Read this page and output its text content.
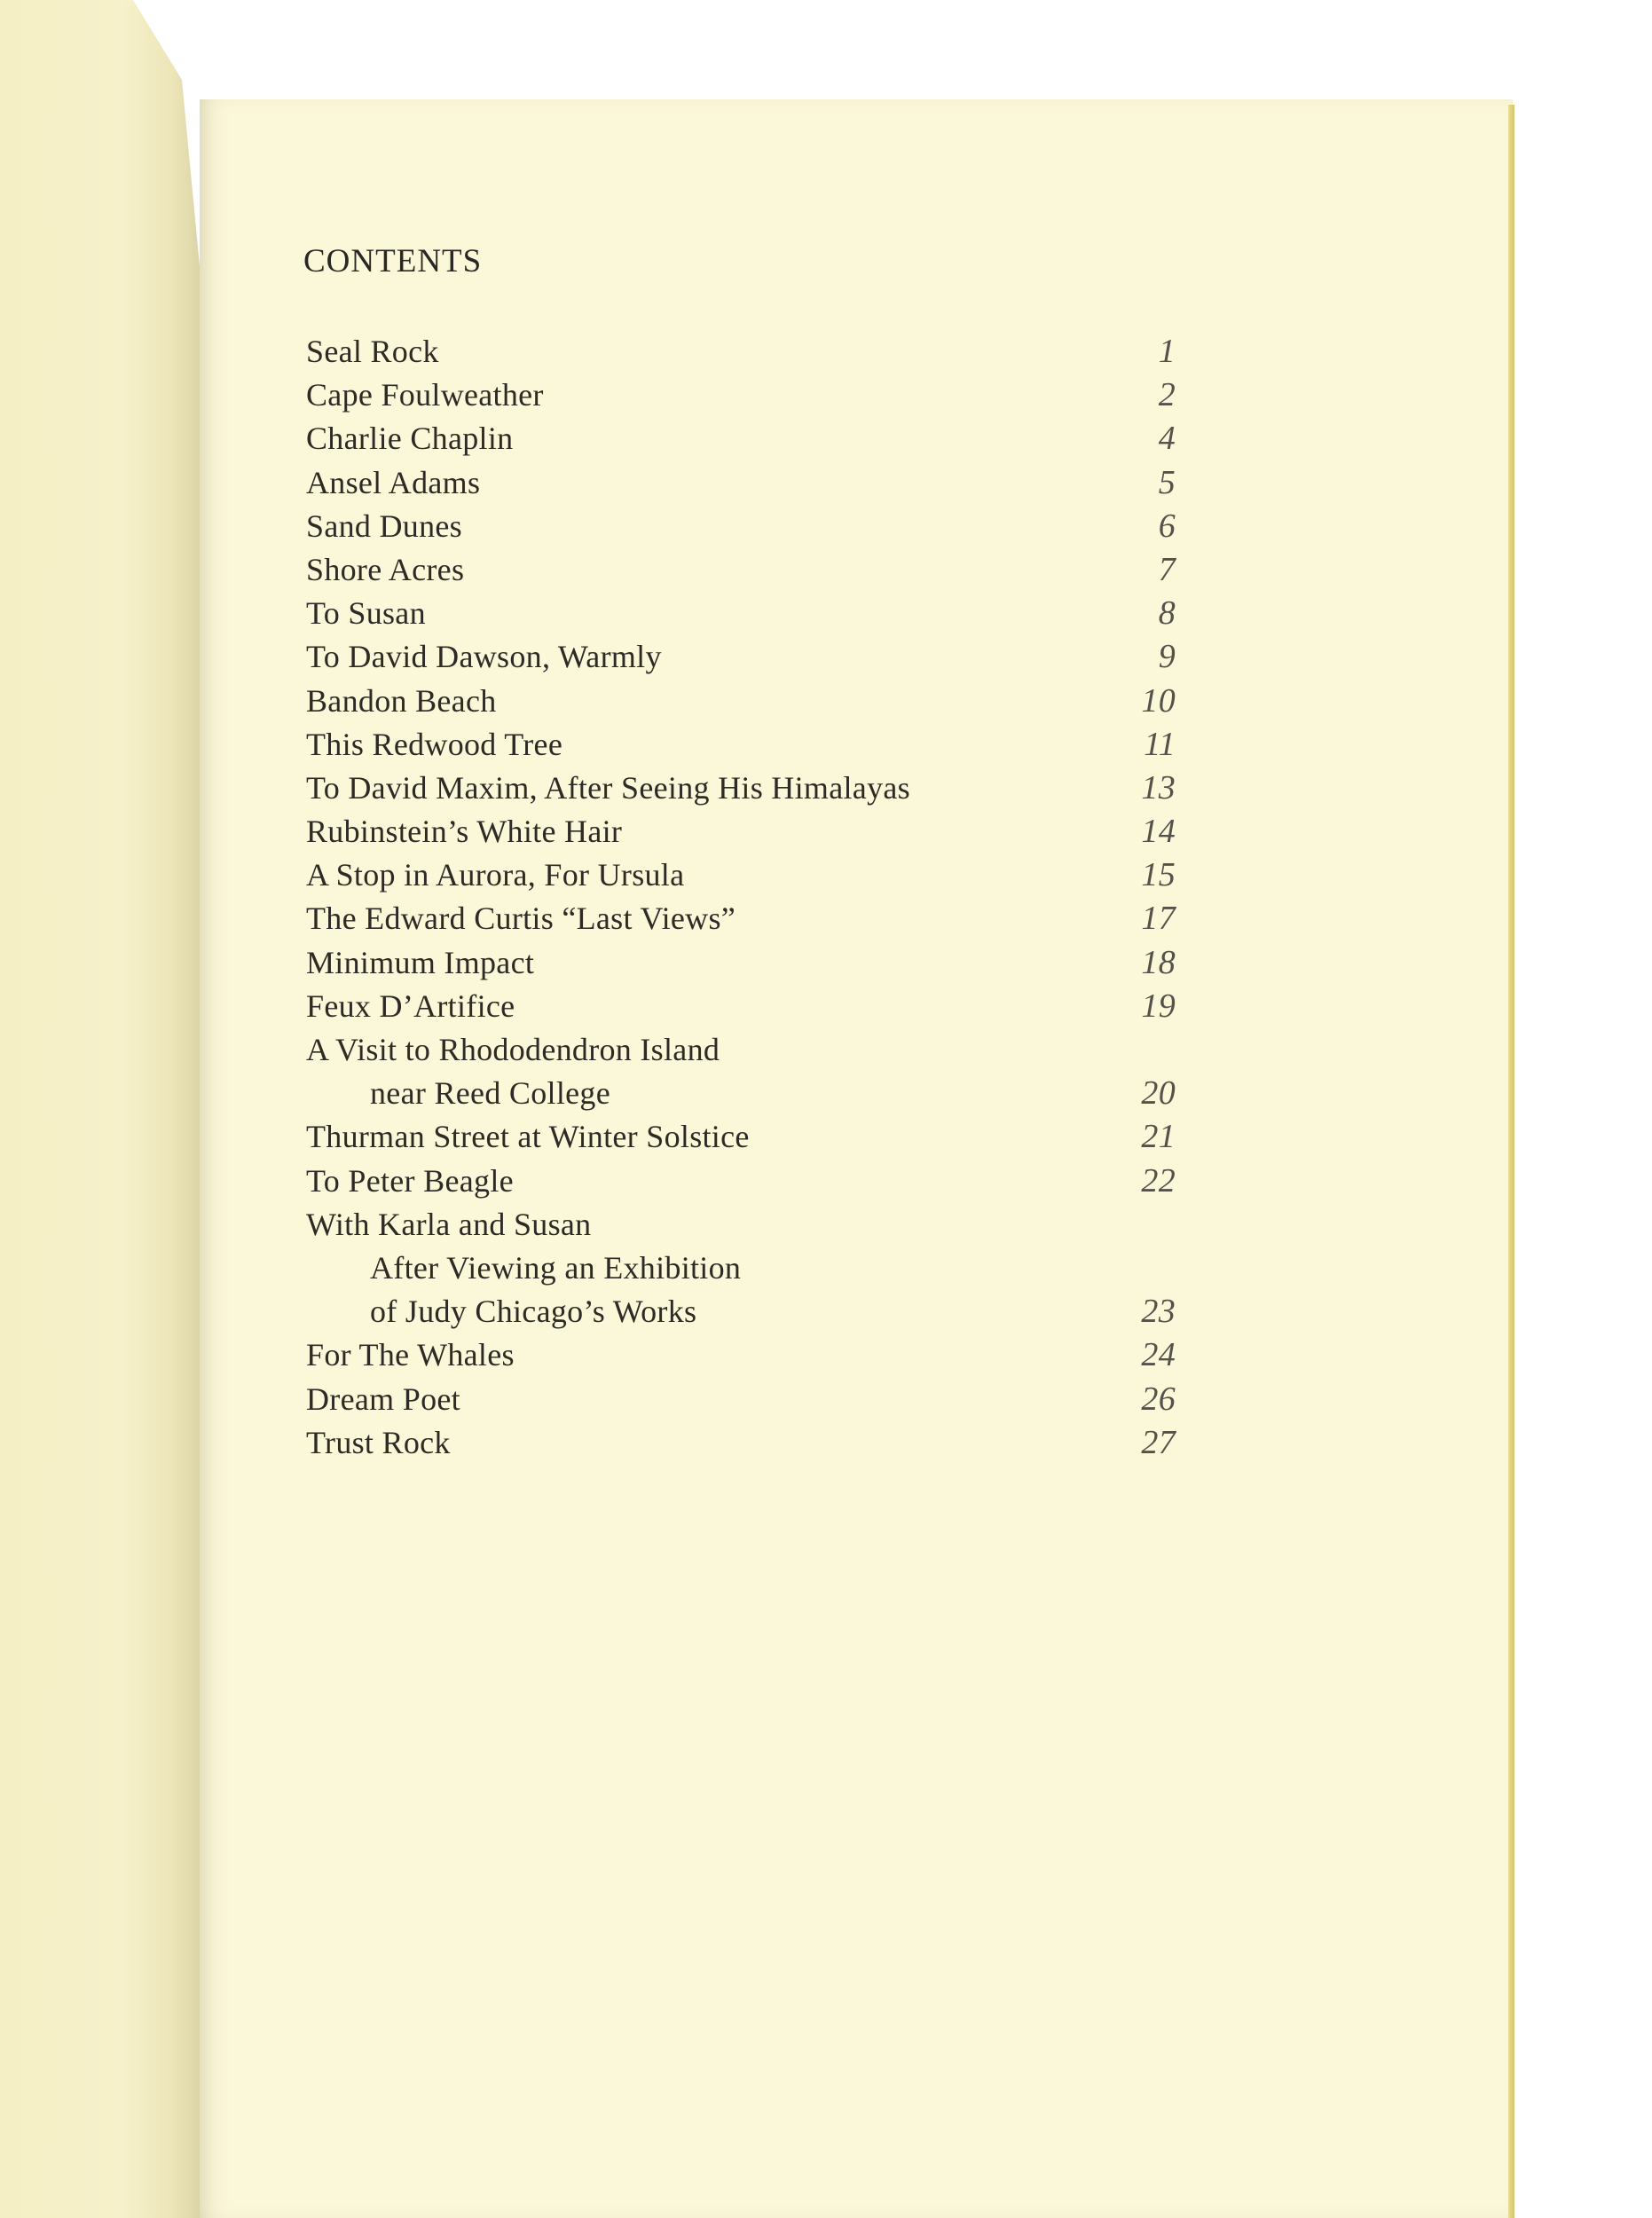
CONTENTS
Seal Rock	1
Cape Foulweather	2
Charlie Chaplin	4
Ansel Adams	5
Sand Dunes	6
Shore Acres	7
To Susan	8
To David Dawson, Warmly	9
Bandon Beach	10
This Redwood Tree	11
To David Maxim, After Seeing His Himalayas	13
Rubinstein’s White Hair	14
A Stop in Aurora, For Ursula	15
The Edward Curtis “Last Views”	17
Minimum Impact	18
Feux D’Artifice	19
A Visit to Rhododendron Island
near Reed College	20
Thurman Street at Winter Solstice	21
To Peter Beagle	22
With Karla and Susan
After Viewing an Exhibition
of Judy Chicago’s Works	23
For The Whales	24
Dream Poet	26
Trust Rock	27
